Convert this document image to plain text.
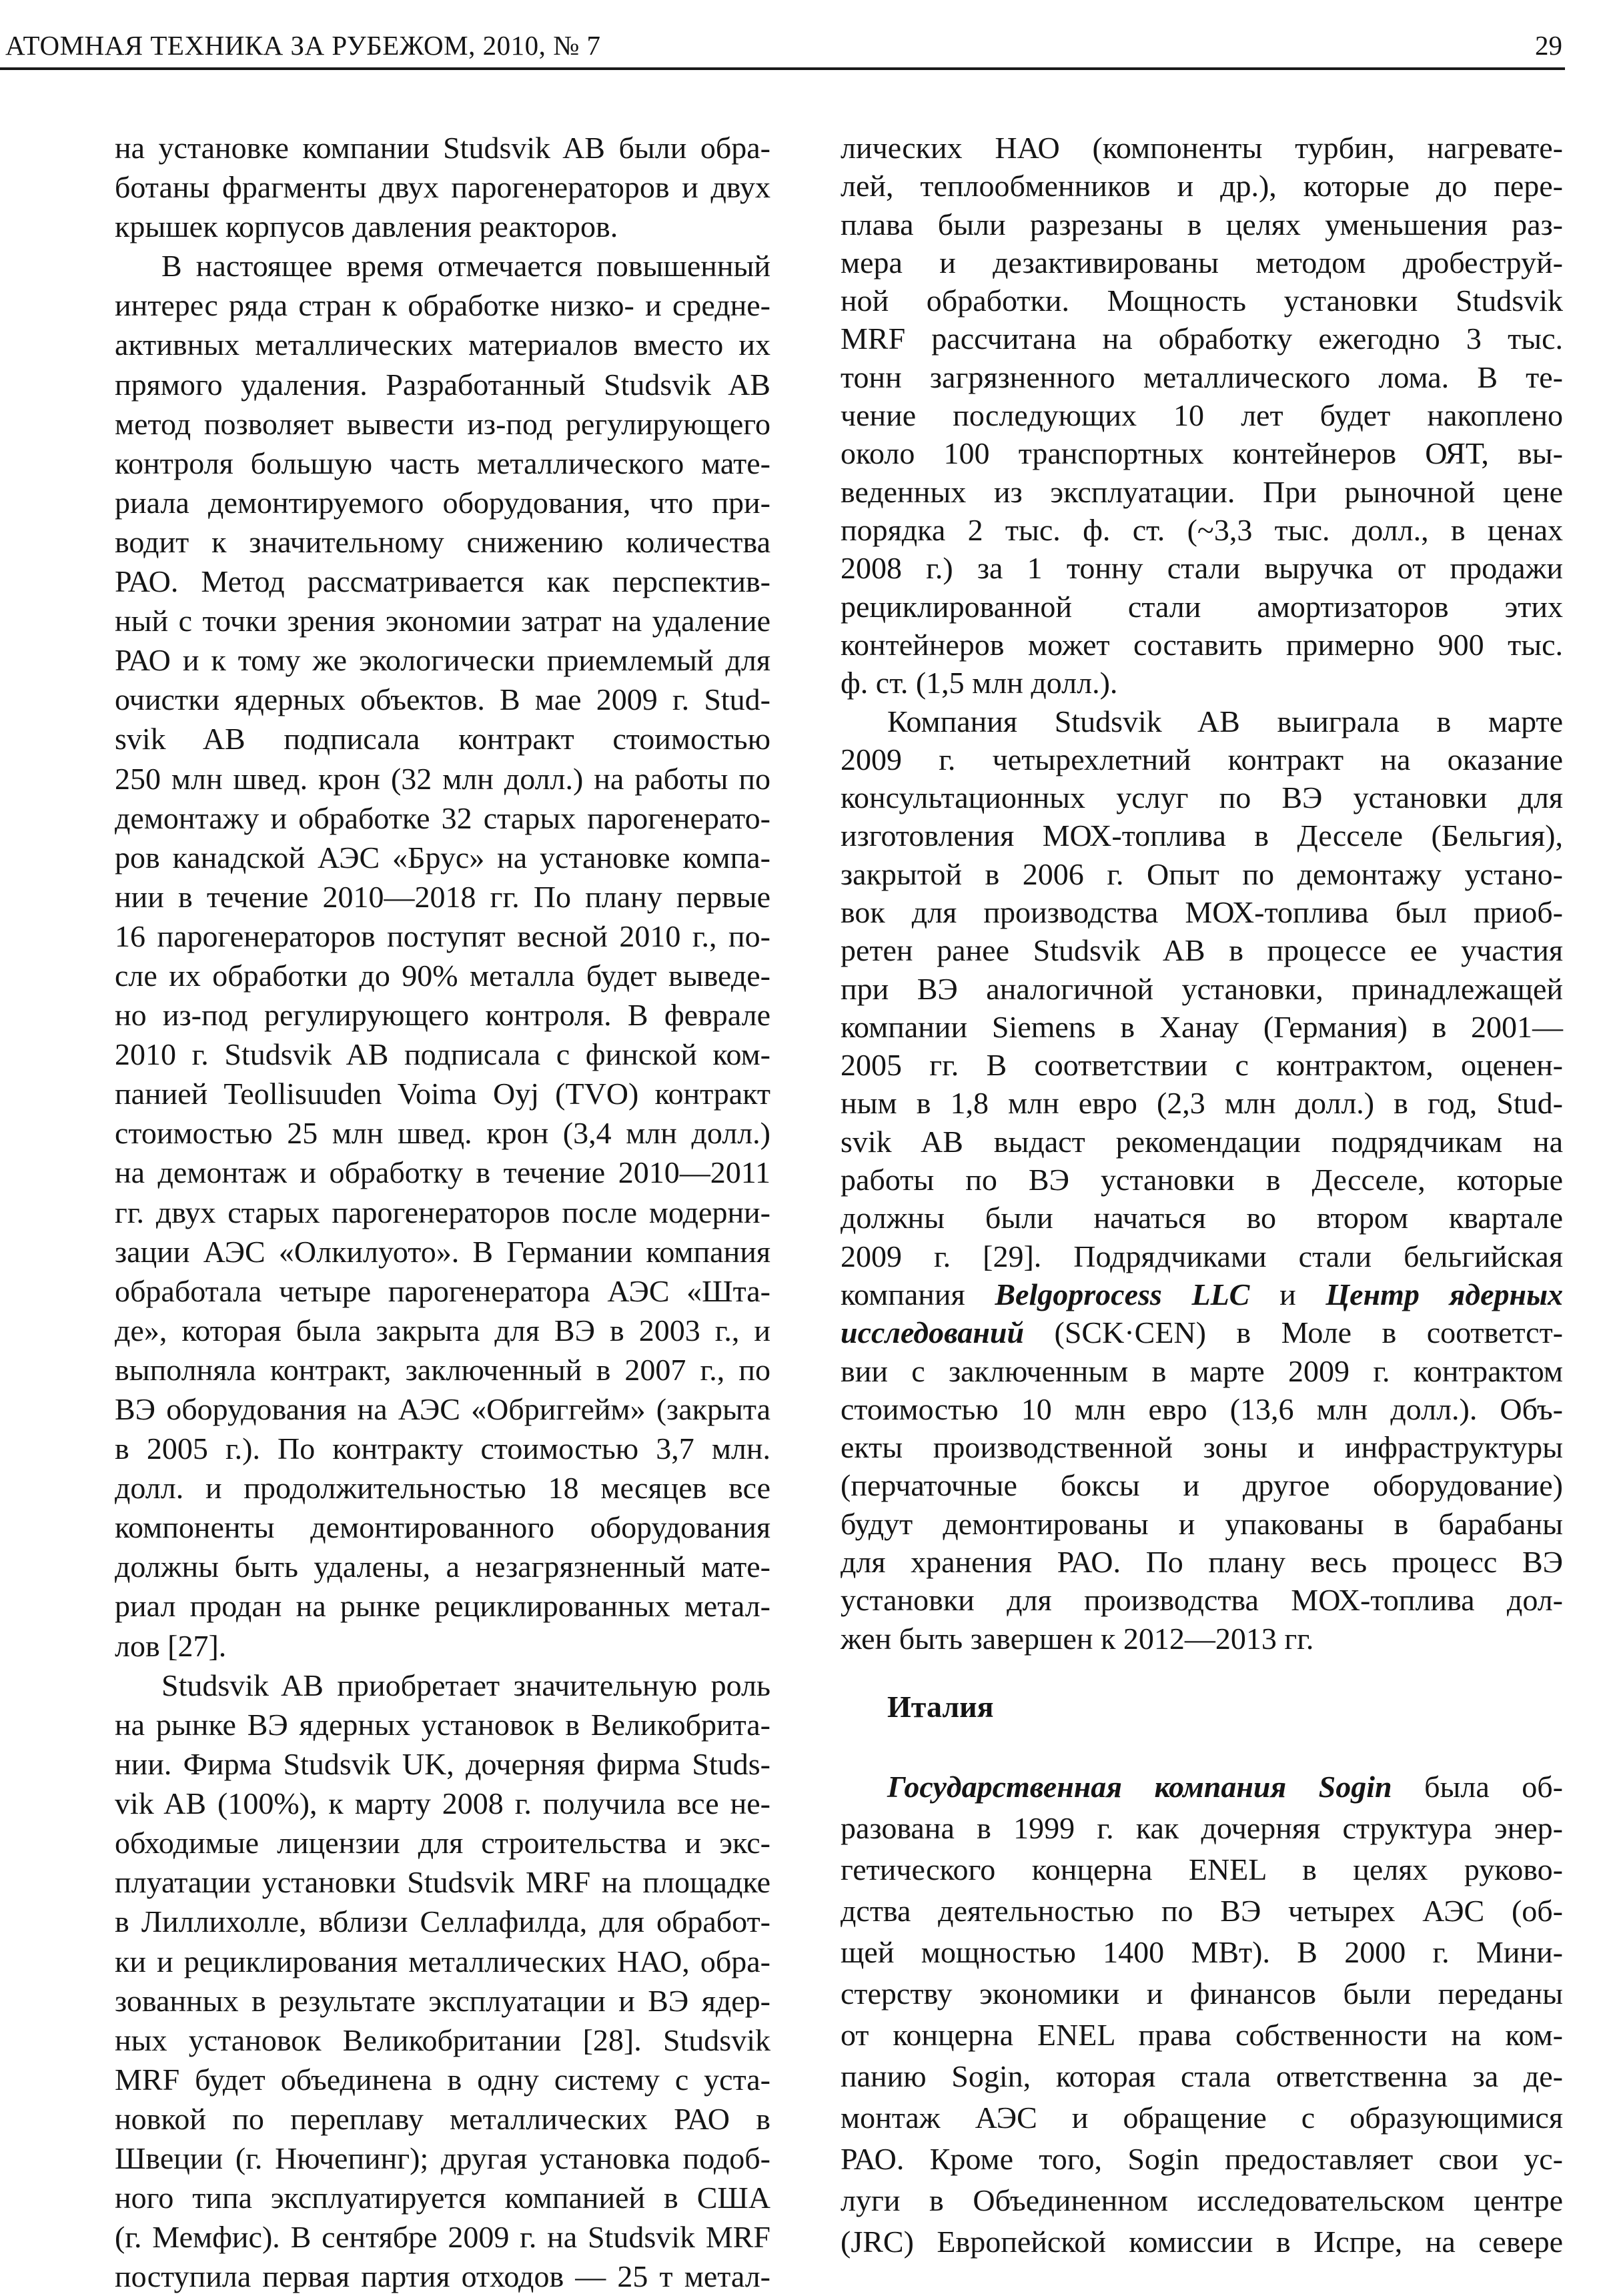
АТОМНАЯ ТЕХНИКА ЗА РУБЕЖОМ, 2010, № 7	29
на установке компании Studsvik AB были обра-
ботаны фрагменты двух парогенераторов и двух
крышек корпусов давления реакторов.
В настоящее время отмечается повышенный
интерес ряда стран к обработке низко- и средне-
активных металлических материалов вместо их
прямого удаления. Разработанный Studsvik AB
метод позволяет вывести из-под регулирующего
контроля большую часть металлического мате-
риала демонтируемого оборудования, что при-
водит к значительному снижению количества
РАО. Метод рассматривается как перспектив-
ный с точки зрения экономии затрат на удаление
РАО и к тому же экологически приемлемый для
очистки ядерных объектов. В мае 2009 г. Stud-
svik AB подписала контракт стоимостью
250 млн швед. крон (32 млн долл.) на работы по
демонтажу и обработке 32 старых парогенерато-
ров канадской АЭС «Брус» на установке компа-
нии в течение 2010—2018 гг. По плану первые
16 парогенераторов поступят весной 2010 г., по-
сле их обработки до 90% металла будет выведе-
но из-под регулирующего контроля. В феврале
2010 г. Studsvik AB подписала с финской ком-
панией Teollisuuden Voima Oyj (TVO) контракт
стоимостью 25 млн швед. крон (3,4 млн долл.)
на демонтаж и обработку в течение 2010—2011
гг. двух старых парогенераторов после модерни-
зации АЭС «Олкилуото». В Германии компания
обработала четыре парогенератора АЭС «Шта-
де», которая была закрыта для ВЭ в 2003 г., и
выполняла контракт, заключенный в 2007 г., по
ВЭ оборудования на АЭС «Обриггейм» (закрыта
в 2005 г.). По контракту стоимостью 3,7 млн.
долл. и продолжительностью 18 месяцев все
компоненты демонтированного оборудования
должны быть удалены, а незагрязненный мате-
риал продан на рынке рециклированных метал-
лов [27].
Studsvik AB приобретает значительную роль
на рынке ВЭ ядерных установок в Великобрита-
нии. Фирма Studsvik UK, дочерняя фирма Studs-
vik AB (100%), к марту 2008 г. получила все не-
обходимые лицензии для строительства и экс-
плуатации установки Studsvik MRF на площадке
в Лиллихолле, вблизи Селлафилда, для обработ-
ки и рециклирования металлических НАО, обра-
зованных в результате эксплуатации и ВЭ ядер-
ных установок Великобритании [28]. Studsvik
MRF будет объединена в одну систему с уста-
новкой по переплаву металлических РАО в
Швеции (г. Нючепинг); другая установка подоб-
ного типа эксплуатируется компанией в США
(г. Мемфис). В сентябре 2009 г. на Studsvik MRF
поступила первая партия отходов — 25 т метал-
лических НАО (компоненты турбин, нагревате-
лей, теплообменников и др.), которые до пере-
плава были разрезаны в целях уменьшения раз-
мера и дезактивированы методом дробеструй-
ной обработки. Мощность установки Studsvik
MRF рассчитана на обработку ежегодно 3 тыс.
тонн загрязненного металлического лома. В те-
чение последующих 10 лет будет накоплено
около 100 транспортных контейнеров ОЯТ, вы-
веденных из эксплуатации. При рыночной цене
порядка 2 тыс. ф. ст. (~3,3 тыс. долл., в ценах
2008 г.) за 1 тонну стали выручка от продажи
рециклированной стали амортизаторов этих
контейнеров может составить примерно 900 тыс.
ф. ст. (1,5 млн долл.).
Компания Studsvik AB выиграла в марте
2009 г. четырехлетний контракт на оказание
консультационных услуг по ВЭ установки для
изготовления МОХ-топлива в Десселе (Бельгия),
закрытой в 2006 г. Опыт по демонтажу устано-
вок для производства МОХ-топлива был приоб-
ретен ранее Studsvik AB в процессе ее участия
при ВЭ аналогичной установки, принадлежащей
компании Siemens в Ханау (Германия) в 2001—
2005 гг. В соответствии с контрактом, оценен-
ным в 1,8 млн евро (2,3 млн долл.) в год, Stud-
svik AB выдаст рекомендации подрядчикам на
работы по ВЭ установки в Десселе, которые
должны были начаться во втором квартале
2009 г. [29]. Подрядчиками стали бельгийская
компания Belgoprocess LLC и Центр ядерных
исследований (SCK·CEN) в Моле в соответст-
вии с заключенным в марте 2009 г. контрактом
стоимостью 10 млн евро (13,6 млн долл.). Объ-
екты производственной зоны и инфраструктуры
(перчаточные боксы и другое оборудование)
будут демонтированы и упакованы в барабаны
для хранения РАО. По плану весь процесс ВЭ
установки для производства МОХ-топлива дол-
жен быть завершен к 2012—2013 гг.
Италия
Государственная компания Sogin была об-
разована в 1999 г. как дочерняя структура энер-
гетического концерна ENEL в целях руково-
дства деятельностью по ВЭ четырех АЭС (об-
щей мощностью 1400 МВт). В 2000 г. Мини-
стерству экономики и финансов были переданы
от концерна ENEL права собственности на ком-
панию Sogin, которая стала ответственна за де-
монтаж АЭС и обращение с образующимися
РАО. Кроме того, Sogin предоставляет свои ус-
луги в Объединенном исследовательском центре
(JRC) Европейской комиссии в Испре, на севере
